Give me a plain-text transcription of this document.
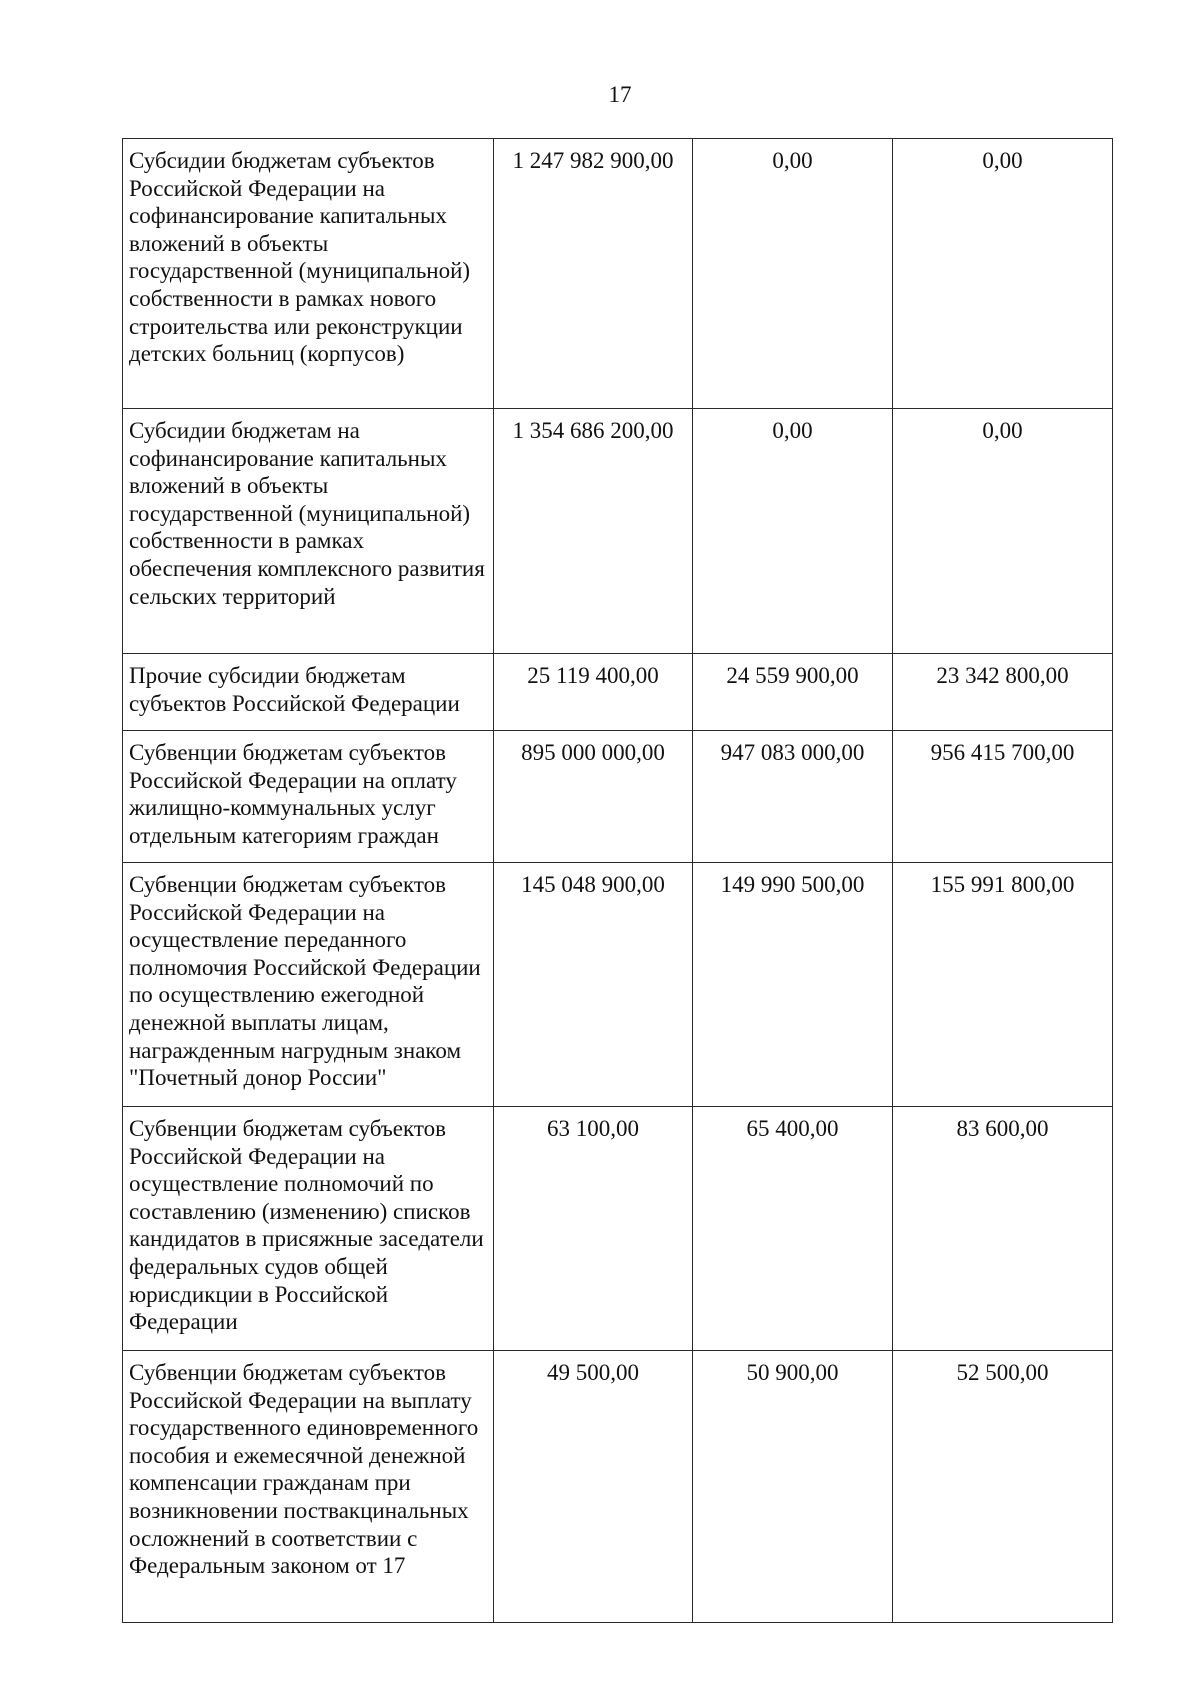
17
Субсидии бюджетам субъектов Российской Федерации на софинансирование капитальных вложений в объекты государственной (муниципальной) собственности в рамках нового строительства или реконструкции детских больниц (корпусов)	1 247 982 900,00	0,00	0,00
Субсидии бюджетам на софинансирование капитальных вложений в объекты государственной (муниципальной) собственности в рамках обеспечения комплексного развития сельских территорий	1 354 686 200,00	0,00	0,00
Прочие субсидии бюджетам субъектов Российской Федерации	25 119 400,00	24 559 900,00	23 342 800,00
Субвенции бюджетам субъектов Российской Федерации на оплату жилищно-коммунальных услуг отдельным категориям граждан	895 000 000,00	947 083 000,00	956 415 700,00
Субвенции бюджетам субъектов Российской Федерации на осуществление переданного полномочия Российской Федерации по осуществлению ежегодной денежной выплаты лицам, награжденным нагрудным знаком "Почетный донор России"	145 048 900,00	149 990 500,00	155 991 800,00
Субвенции бюджетам субъектов Российской Федерации на осуществление полномочий по составлению (изменению) списков кандидатов в присяжные заседатели федеральных судов общей юрисдикции в Российской Федерации	63 100,00	65 400,00	83 600,00
Субвенции бюджетам субъектов Российской Федерации на выплату государственного единовременного пособия и ежемесячной денежной компенсации гражданам при возникновении поствакцинальных осложнений в соответствии с Федеральным законом от 17	49 500,00	50 900,00	52 500,00
